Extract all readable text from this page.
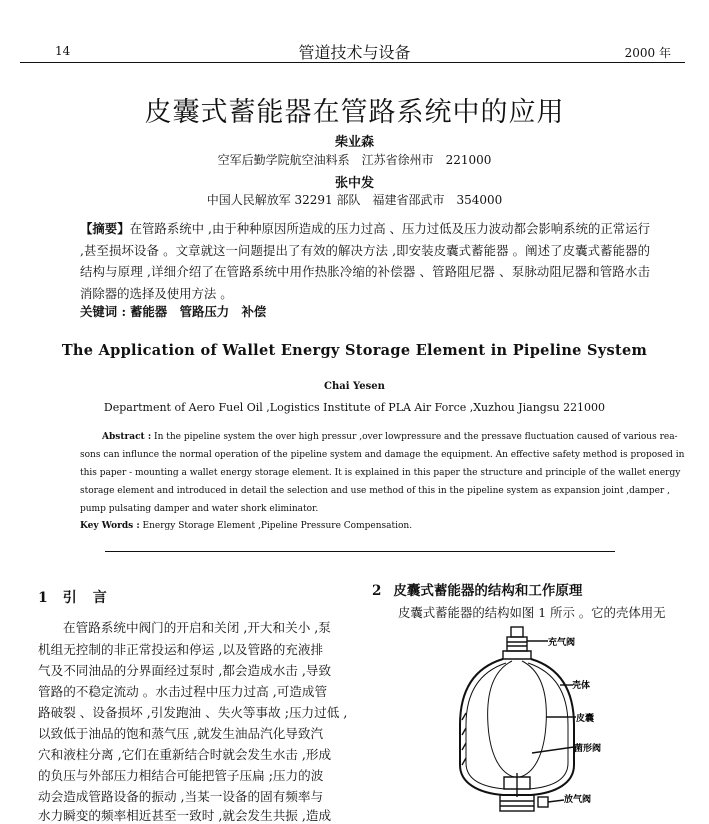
14	管道技术与设备	2000 年
皮囊式蓄能器在管路系统中的应用
柴业森
空军后勤学院航空油料系　江苏省徐州市　221000
张中发
中国人民解放军 32291 部队　福建省邵武市　354000
【摘要】在管路系统中 ,由于种种原因所造成的压力过高 、压力过低及压力波动都会影响系统的正常运行 ,甚至损坏设备 。文章就这一问题提出了有效的解决方法 ,即安装皮囊式蓄能器 。阐述了皮囊式蓄能器的结构与原理 ,详细介绍了在管路系统中用作热胀冷缩的补偿器 、管路阻尼器 、泵脉动阻尼器和管路水击消除器的选择及使用方法 。
关键词 : 蓄能器　管路压力　补偿
The Application of Wallet Energy Storage Element in Pipeline System
Chai Yesen
Department of Aero Fuel Oil ,Logistics Institute of PLA Air Force ,Xuzhou Jiangsu 221000
Abstract : In the pipeline system the over high pressur ,over lowpressure and the pressave fluctuation caused of various rea-
sons can influnce the normal operation of the pipeline system and damage the equipment. An effective safety method is proposed in
this paper - mounting a wallet energy storage element. It is explained in this paper the structure and principle of the wallet energy
storage element and introduced in detail the selection and use method of this in the pipeline system as expansion joint ,damper ,
pump pulsating damper and water shork eliminator.
Key Words : Energy Storage Element ,Pipeline Pressure Compensation.
1 引　言
在管路系统中阀门的开启和关闭 ,开大和关小 ,泵
机组无控制的非正常投运和停运 ,以及管路的充液排
气及不同油品的分界面经过泵时 ,都会造成水击 ,导致
管路的不稳定流动 。水击过程中压力过高 ,可造成管
路破裂 、设备损坏 ,引发跑油 、失火等事故 ;压力过低 ,
以致低于油品的饱和蒸气压 ,就发生油品汽化导致汽
穴和液柱分离 ,它们在重新结合时就会发生水击 ,形成
的负压与外部压力相结合可能把管子压扁 ;压力的波
动会造成管路设备的振动 ,当某一设备的固有频率与
水力瞬变的频率相近甚至一致时 ,就会发生共振 ,造成
2 皮囊式蓄能器的结构和工作原理
皮囊式蓄能器的结构如图 1 所示 。它的壳体用无
充气阀
壳体
皮囊
菌形阀
放气阀
